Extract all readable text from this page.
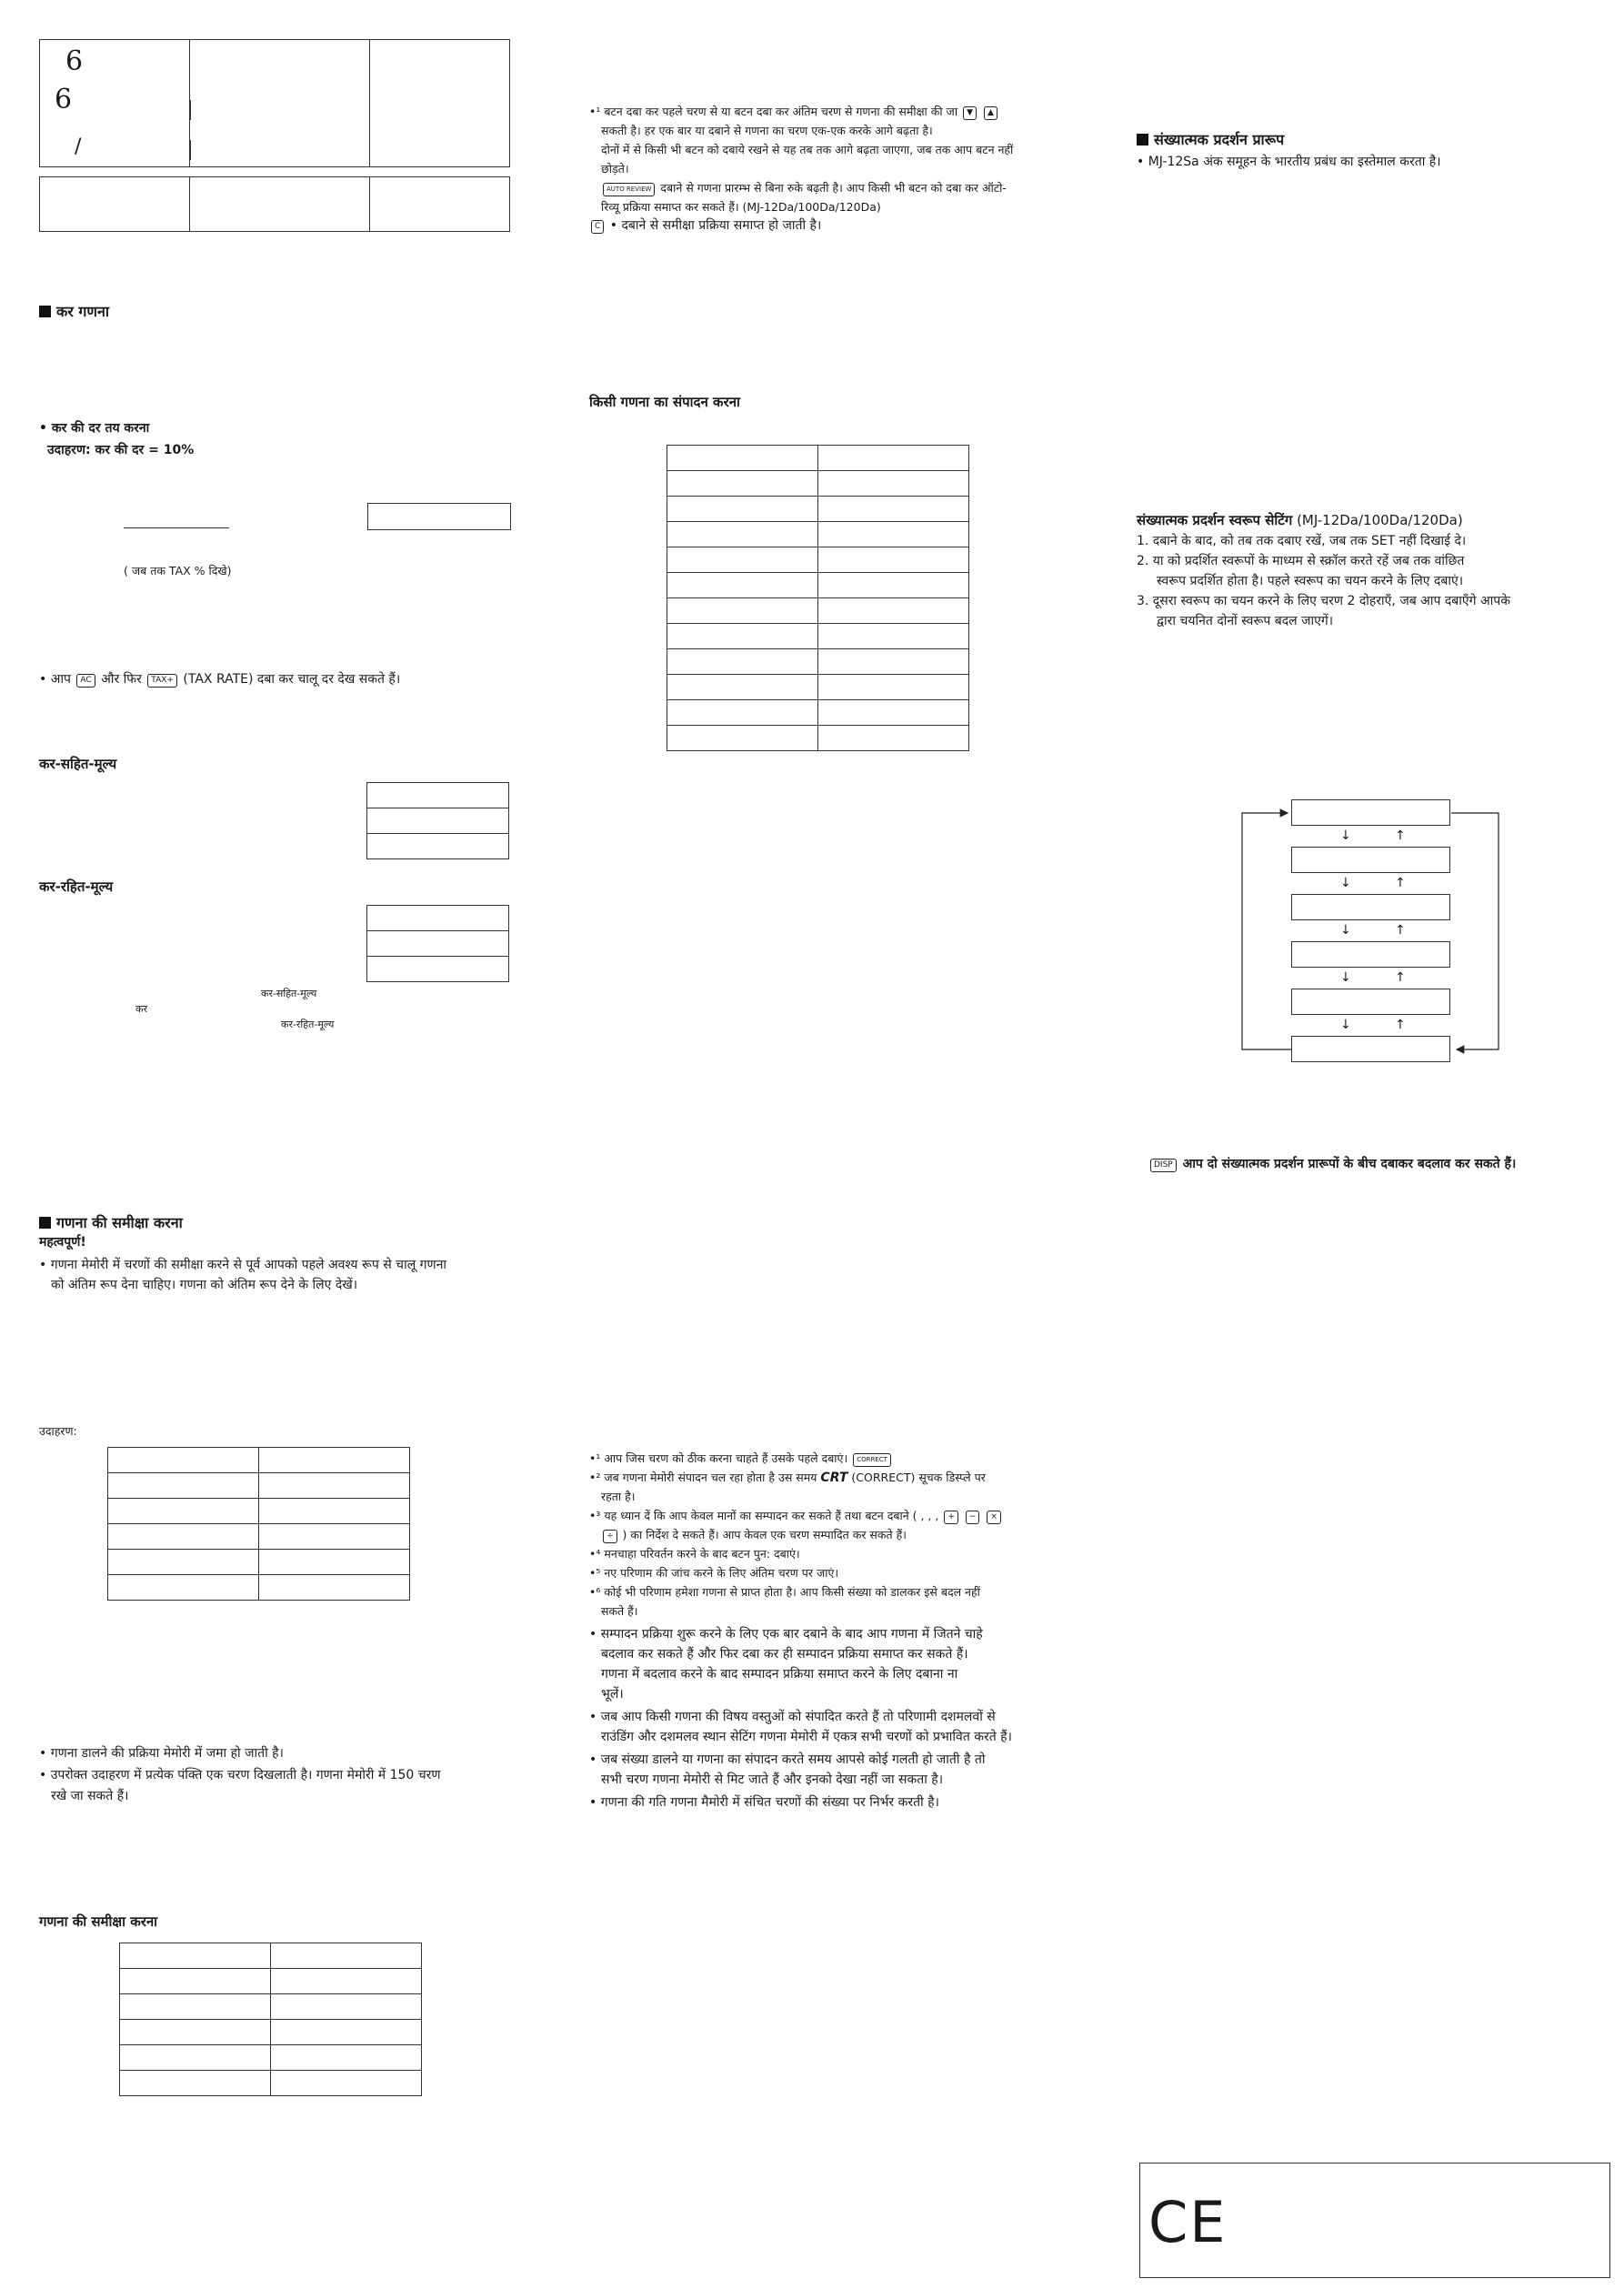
6
6
/
कर गणना
• कर की दर तय करना
उदाहरण: कर की दर = 10%
( जब तक TAX % दिखे)
• आप AC और फिर TAX+ (TAX RATE) दबा कर चालू दर देख सकते हैं।
कर-सहित-मूल्य

कर-रहित-मूल्य

कर-सहित-मूल्य
कर
कर-रहित-मूल्य
गणना की समीक्षा करना
महत्वपूर्ण!
• गणना मेमोरी में चरणों की समीक्षा करने से पूर्व आपको पहले अवश्य रूप से चालू गणना
को अंतिम रूप देना चाहिए। गणना को अंतिम रूप देने के लिए देखें।
उदाहरण:

• गणना डालने की प्रक्रिया मेमोरी में जमा हो जाती है।
• उपरोक्त उदाहरण में प्रत्येक पंक्ति एक चरण दिखलाती है। गणना मेमोरी में 150 चरण
रखे जा सकते हैं।
गणना की समीक्षा करना

•¹ बटन दबा कर पहले चरण से या बटन दबा कर अंतिम चरण से गणना की समीक्षा की जा ▼ ▲
सकती है। हर एक बार या दबाने से गणना का चरण एक-एक करके आगे बढ़ता है।
दोनों में से किसी भी बटन को दबाये रखने से यह तब तक आगे बढ़ता जाएगा, जब तक आप बटन नहीं
छोड़ते।
AUTO REVIEW दबाने से गणना प्रारम्भ से बिना रुके बढ़ती है। आप किसी भी बटन को दबा कर ऑटो-
रिव्यू प्रक्रिया समाप्त कर सकते हैं। (MJ-12Da/100Da/120Da)
C • दबाने से समीक्षा प्रक्रिया समाप्त हो जाती है।
किसी गणना का संपादन करना

•¹ आप जिस चरण को ठीक करना चाहते हैं उसके पहले दबाएं। CORRECT
•² जब गणना मेमोरी संपादन चल रहा होता है उस समय CRT (CORRECT) सूचक डिस्प्ले पर
रहता है।
•³ यह ध्यान दें कि आप केवल मानों का सम्पादन कर सकते हैं तथा बटन दबाने ( , , , + − ×
÷ ) का निर्देश दे सकते हैं। आप केवल एक चरण सम्पादित कर सकते हैं।
•⁴ मनचाहा परिवर्तन करने के बाद बटन पुन: दबाएं।
•⁵ नए परिणाम की जांच करने के लिए अंतिम चरण पर जाएं।
•⁶ कोई भी परिणाम हमेशा गणना से प्राप्त होता है। आप किसी संख्या को डालकर इसे बदल नहीं
सकते हैं।
• सम्पादन प्रक्रिया शुरू करने के लिए एक बार दबाने के बाद आप गणना में जितने चाहे
बदलाव कर सकते हैं और फिर दबा कर ही सम्पादन प्रक्रिया समाप्त कर सकते हैं।
गणना में बदलाव करने के बाद सम्पादन प्रक्रिया समाप्त करने के लिए दबाना ना
भूलें।
• जब आप किसी गणना की विषय वस्तुओं को संपादित करते हैं तो परिणामी दशमलवों से
राउंडिंग और दशमलव स्थान सेटिंग गणना मेमोरी में एकत्र सभी चरणों को प्रभावित करते हैं।
• जब संख्या डालने या गणना का संपादन करते समय आपसे कोई गलती हो जाती है तो
सभी चरण गणना मेमोरी से मिट जाते हैं और इनको देखा नहीं जा सकता है।
• गणना की गति गणना मैमोरी में संचित चरणों की संख्या पर निर्भर करती है।
संख्यात्मक प्रदर्शन प्रारूप
• MJ-12Sa अंक समूहन के भारतीय प्रबंध का इस्तेमाल करता है।
संख्यात्मक प्रदर्शन स्वरूप सेटिंग (MJ-12Da/100Da/120Da)
1. दबाने के बाद, को तब तक दबाए रखें, जब तक SET नहीं दिखाई दे।
2. या को प्रदर्शित स्वरूपों के माध्यम से स्क्रॉल करते रहें जब तक वांछित
स्वरूप प्रदर्शित होता है। पहले स्वरूप का चयन करने के लिए दबाएं।
3. दूसरा स्वरूप का चयन करने के लिए चरण 2 दोहराएँ, जब आप दबाएँगे आपके
द्वारा चयनित दोनों स्वरूप बदल जाएगें।
↓	↑
↓	↑
↓	↑
↓	↑
↓	↑
DISP आप दो संख्यात्मक प्रदर्शन प्रारूपों के बीच दबाकर बदलाव कर सकते हैं।
CE
